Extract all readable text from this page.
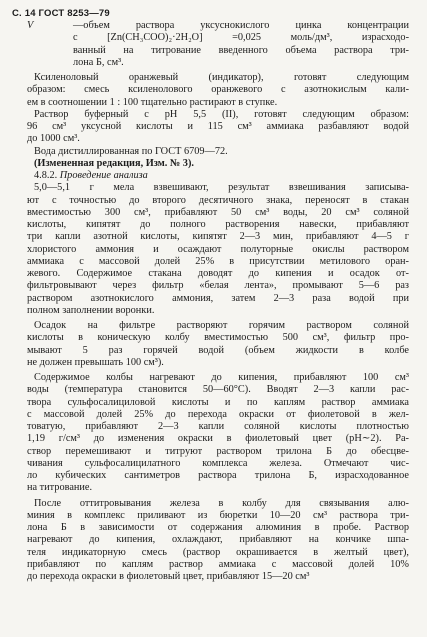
С. 14 ГОСТ 8253—79
V	—объем раствора уксуснокислого цинка концентрации
c [Zn(CH₃COO)₂·2H₂O] =0,025 моль/дм³, израсходо-
ванный на титрование введенного объема раствора три-
лона Б, см³.
Ксиленоловый оранжевый (индикатор), готовят следующим
образом: смесь ксиленолового оранжевого с азотнокислым кали-
ем в соотношении 1 : 100 тщательно растирают в ступке.
Раствор буферный с pH 5,5 (II), готовят следующим образом:
96 см³ уксусной кислоты и 115 см³ аммиака разбавляют водой
до 1000 см³.
Вода дистиллированная по ГОСТ 6709—72.
(Измененная редакция, Изм. № 3).
4.8.2. Проведение анализа
5,0—5,1 г мела взвешивают, результат взвешивания записыва-
ют с точностью до второго десятичного знака, переносят в стакан
вместимостью 300 см³, прибавляют 50 см³ воды, 20 см³ соляной
кислоты, кипятят до полного растворения навески, прибавляют
три капли азотной кислоты, кипятят 2—3 мин, прибавляют 4—5 г
хлористого аммония и осаждают полуторные окислы раствором
аммиака с массовой долей 25% в присутствии метилового оран-
жевого. Содержимое стакана доводят до кипения и осадок от-
фильтровывают через фильтр «белая лента», промывают 5—6 раз
раствором азотнокислого аммония, затем 2—3 раза водой при
полном заполнении воронки.
Осадок на фильтре растворяют горячим раствором соляной
кислоты в коническую колбу вместимостью 500 см³, фильтр про-
мывают 5 раз горячей водой (объем жидкости в колбе
не должен превышать 100 см³).
Содержимое колбы нагревают до кипения, прибавляют 100 см³
воды (температура становится 50—60°С). Вводят 2—3 капли рас-
твора сульфосалициловой кислоты и по каплям раствор аммиака
с массовой долей 25% до перехода окраски от фиолетовой в жел-
товатую, прибавляют 2—3 капли соляной кислоты плотностью
1,19 г/см³ до изменения окраски в фиолетовый цвет (pH∼2). Ра-
створ перемешивают и титруют раствором трилона Б до обесцве-
чивания сульфосалицилатного комплекса железа. Отмечают чис-
ло кубических сантиметров раствора трилона Б, израсходованное
на титрование.
После оттитровывания железа в колбу для связывания алю-
миния в комплекс приливают из бюретки 10—20 см³ раствора три-
лона Б в зависимости от содержания алюминия в пробе. Раствор
нагревают до кипения, охлаждают, прибавляют на кончике шпа-
теля индикаторную смесь (раствор окрашивается в желтый цвет),
прибавляют по каплям раствор аммиака с массовой долей 10%
до перехода окраски в фиолетовый цвет, прибавляют 15—20 см³
